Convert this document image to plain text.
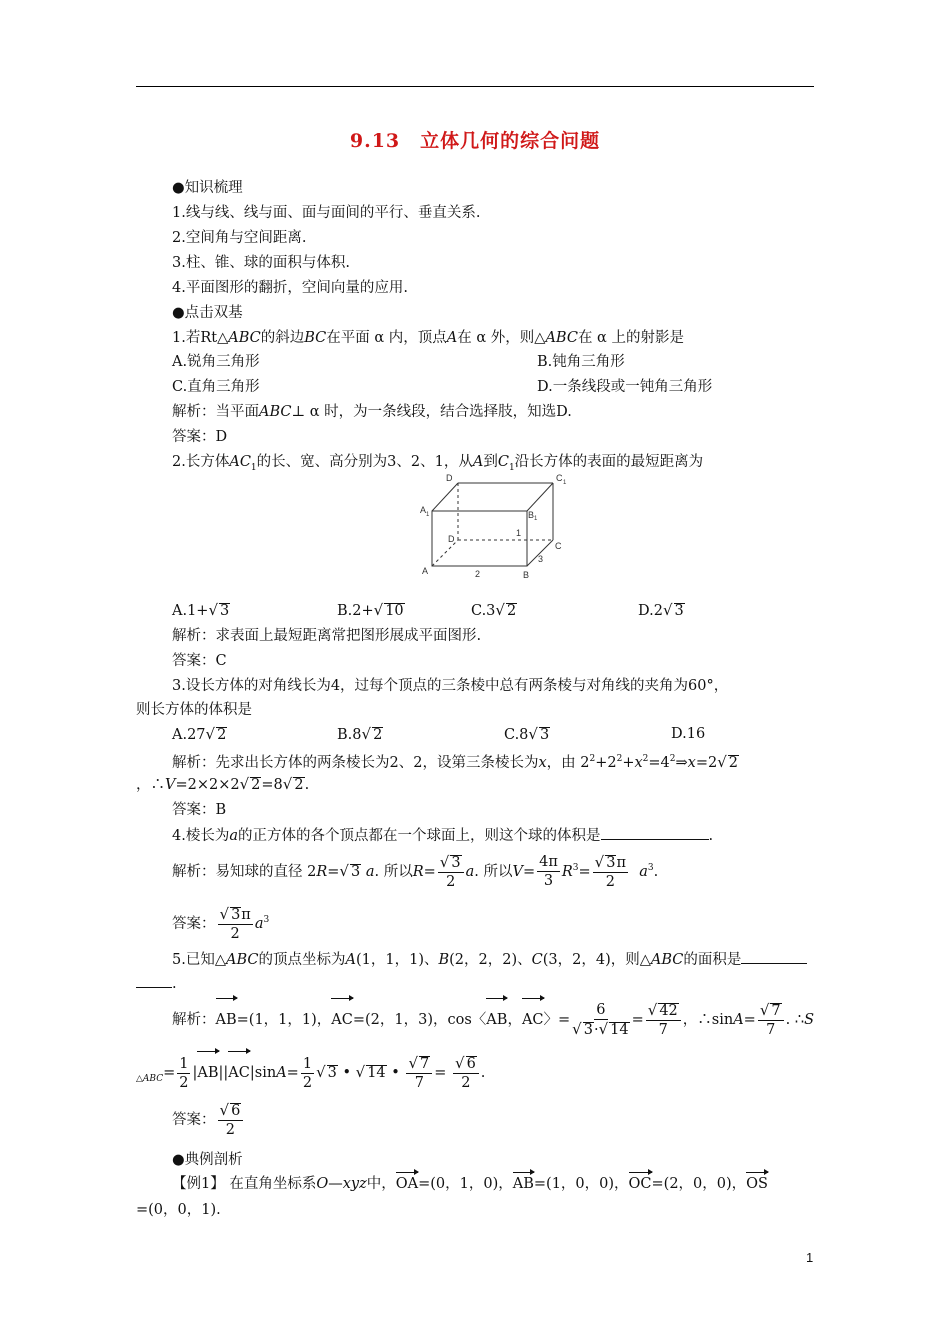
9.13　立体几何的综合问题
●知识梳理
1.线与线、线与面、面与面间的平行、垂直关系.
2.空间角与空间距离.
3.柱、锥、球的面积与体积.
4.平面图形的翻折，空间向量的应用.
●点击双基
1.若Rt△ABC的斜边BC在平面 α 内，顶点A在 α 外，则△ABC在 α 上的射影是
A.锐角三角形	B.钝角三角形
C.直角三角形	D.一条线段或一钝角三角形
解析：当平面ABC⊥ α 时，为一条线段，结合选择肢，知选D.
答案：D
2.长方体$AC_1$的长、宽、高分别为3、2、1，从A到$C_1$沿长方体的表面的最短距离为
D	C 1
A 1	B 1
D
C
A	B
1
2
3
A.1+√ 3	B.2+√ 10	C.3√ 2	D.2√ 3
解析：求表面上最短距离常把图形展成平面图形.
答案：C
3.设长方体的对角线长为4，过每个顶点的三条棱中总有两条棱与对角线的夹角为60°，
则长方体的体积是
A.27√ 2	B.8√ 2	C.8√ 3	D.16
解析：先求出长方体的两条棱长为2、2，设第三条棱长为x，由 $2^2+2^2+x^2=4^2\Rightarrow x=2√$ 2
，∴V=2×2×2√ 2=8√ 2.
答案：B
4.棱长为a的正方体的各个顶点都在一个球面上，则这个球的体积是	.
解析：易知球的直径 2R=√ 3 a. 所以$R= \frac{√ 3}{2} a$. 所以$V= \frac{4\pi}{3} R^3= \frac{√ 3\pi}{2} a^3$.
答案： $\frac{√ 3\pi}{2} a^3$
5.已知△ABC的顶点坐标为A(1，1，1)、B(2，2，2)、C(3，2，4)，则△ABC的面积是
.
解析：AB=(1，1，1)，AC=(2，1，3)，cos〈AB，AC〉= $\frac{6}{√ 3\cdot√ 14} = \frac{√ 42}{7}$ ，∴sinA= $\frac{√ 7}{7}$ . ∴S
$_{\triangle ABC}= \frac{1}{2} |AB||AC|\sin A= \frac{1}{2}$ √ 3 • √ 14 • $\frac{√ 7}{7} = \frac{√ 6}{2}$ .
答案： $\frac{√ 6}{2}$
●典例剖析
【例1】 在直角坐标系O—xyz中，OA=(0，1，0)，AB=(1，0，0)，OC=(2，0，0)，OS
=(0，0，1).
1
